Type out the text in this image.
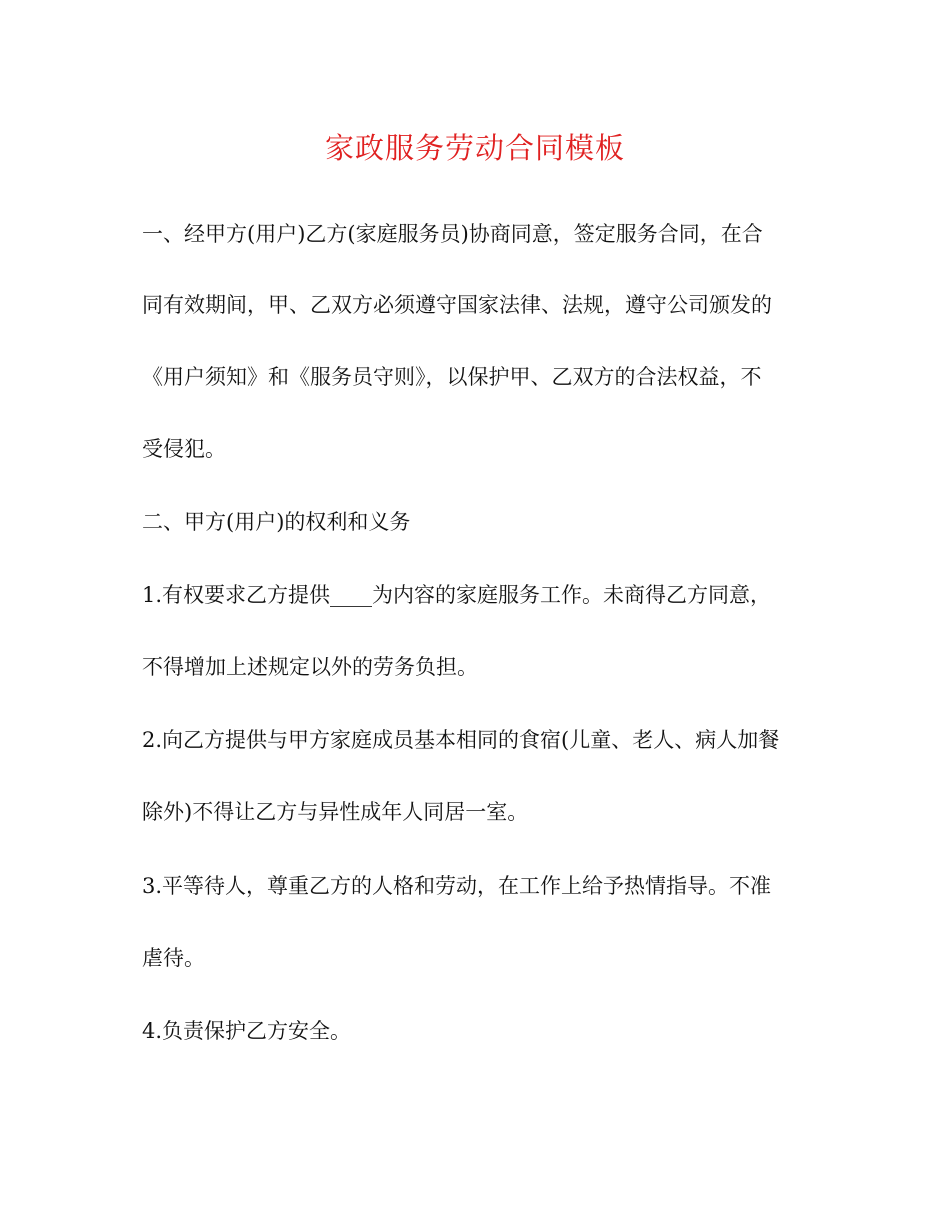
家政服务劳动合同模板
一、经甲方(用户)乙方(家庭服务员)协商同意，签定服务合同，在合
同有效期间，甲、乙双方必须遵守国家法律、法规，遵守公司颁发的
《用户须知》和《服务员守则》，以保护甲、乙双方的合法权益，不
受侵犯。
二、甲方(用户)的权利和义务
1.有权要求乙方提供____为内容的家庭服务工作。未商得乙方同意，
不得增加上述规定以外的劳务负担。
2.向乙方提供与甲方家庭成员基本相同的食宿(儿童、老人、病人加餐
除外)不得让乙方与异性成年人同居一室。
3.平等待人，尊重乙方的人格和劳动，在工作上给予热情指导。不准
虐待。
4.负责保护乙方安全。
